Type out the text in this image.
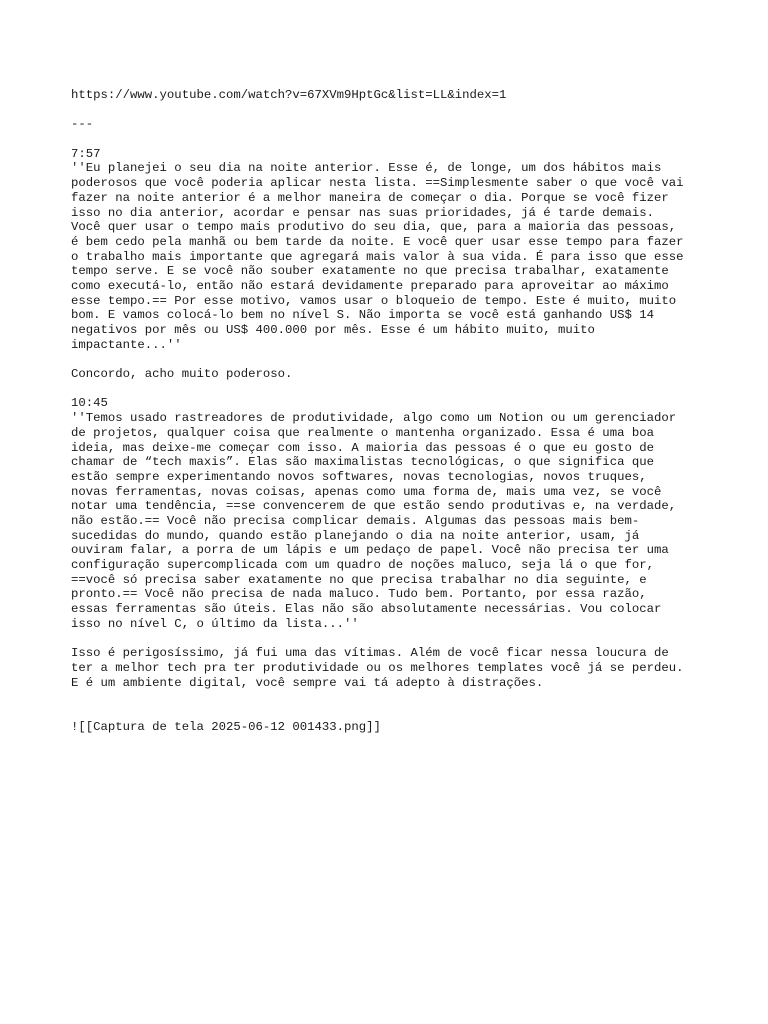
https://www.youtube.com/watch?v=67XVm9HptGc&list=LL&index=1
---
7:57
''Eu planejei o seu dia na noite anterior. Esse é, de longe, um dos hábitos mais
poderosos que você poderia aplicar nesta lista. ==Simplesmente saber o que você vai
fazer na noite anterior é a melhor maneira de começar o dia. Porque se você fizer
isso no dia anterior, acordar e pensar nas suas prioridades, já é tarde demais.
Você quer usar o tempo mais produtivo do seu dia, que, para a maioria das pessoas,
é bem cedo pela manhã ou bem tarde da noite. E você quer usar esse tempo para fazer
o trabalho mais importante que agregará mais valor à sua vida. É para isso que esse
tempo serve. E se você não souber exatamente no que precisa trabalhar, exatamente
como executá-lo, então não estará devidamente preparado para aproveitar ao máximo
esse tempo.== Por esse motivo, vamos usar o bloqueio de tempo. Este é muito, muito
bom. E vamos colocá-lo bem no nível S. Não importa se você está ganhando US$ 14
negativos por mês ou US$ 400.000 por mês. Esse é um hábito muito, muito
impactante...''
Concordo, acho muito poderoso.
10:45
''Temos usado rastreadores de produtividade, algo como um Notion ou um gerenciador
de projetos, qualquer coisa que realmente o mantenha organizado. Essa é uma boa
ideia, mas deixe-me começar com isso. A maioria das pessoas é o que eu gosto de
chamar de “tech maxis”. Elas são maximalistas tecnológicas, o que significa que
estão sempre experimentando novos softwares, novas tecnologias, novos truques,
novas ferramentas, novas coisas, apenas como uma forma de, mais uma vez, se você
notar uma tendência, ==se convencerem de que estão sendo produtivas e, na verdade,
não estão.== Você não precisa complicar demais. Algumas das pessoas mais bem-
sucedidas do mundo, quando estão planejando o dia na noite anterior, usam, já
ouviram falar, a porra de um lápis e um pedaço de papel. Você não precisa ter uma
configuração supercomplicada com um quadro de noções maluco, seja lá o que for,
==você só precisa saber exatamente no que precisa trabalhar no dia seguinte, e
pronto.== Você não precisa de nada maluco. Tudo bem. Portanto, por essa razão,
essas ferramentas são úteis. Elas não são absolutamente necessárias. Vou colocar
isso no nível C, o último da lista...''
Isso é perigosíssimo, já fui uma das vítimas. Além de você ficar nessa loucura de
ter a melhor tech pra ter produtividade ou os melhores templates você já se perdeu.
E é um ambiente digital, você sempre vai tá adepto à distrações.
![[Captura de tela 2025-06-12 001433.png]]
